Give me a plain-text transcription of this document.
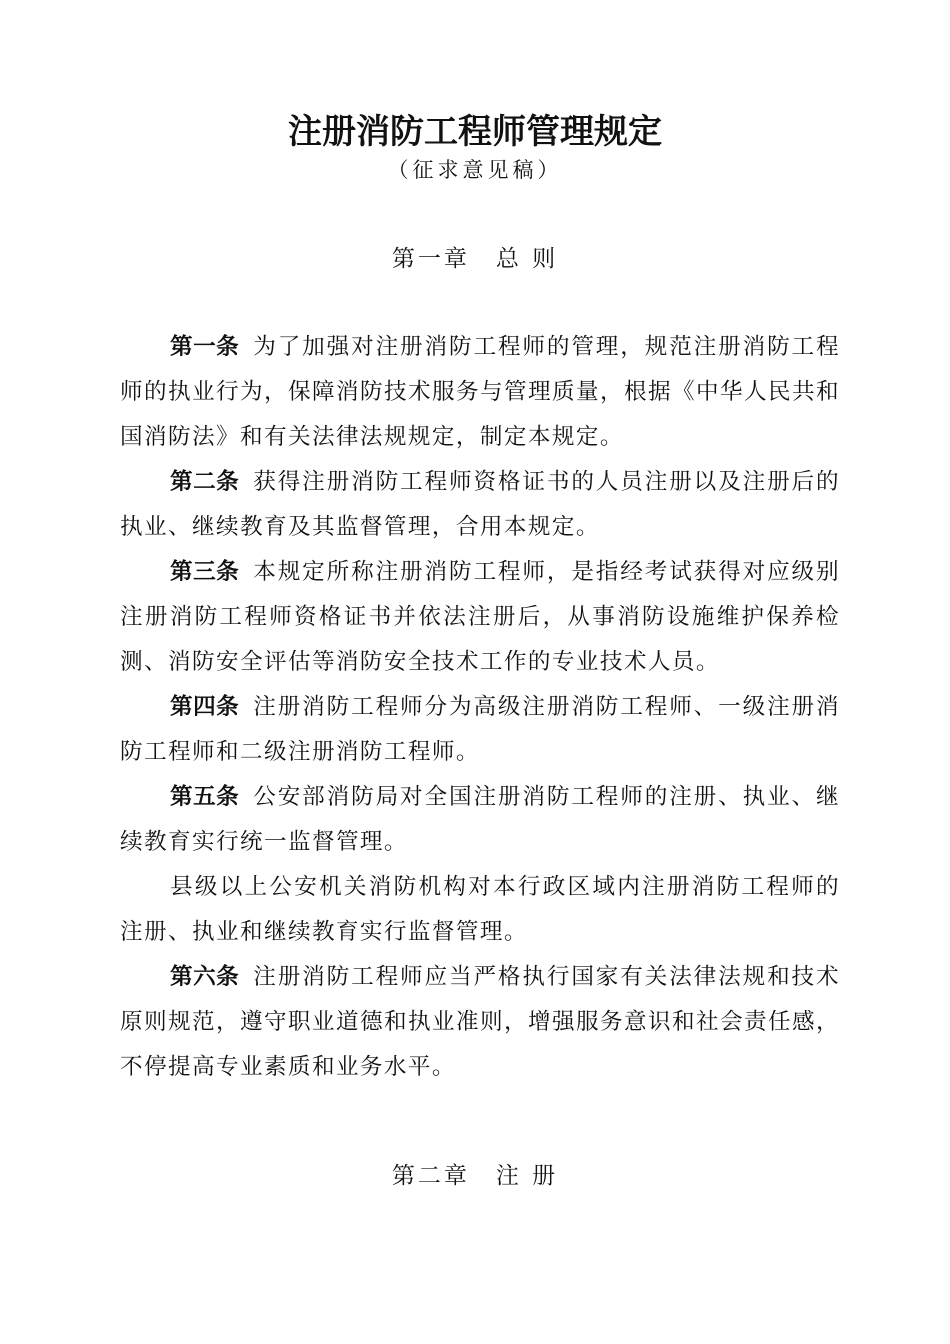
注册消防工程师管理规定
（征求意见稿）
第一章 总 则

第一条 为了加强对注册消防工程师的管理，规范注册消防工程师的执业行为，保障消防技术服务与管理质量，根据《中华人民共和国消防法》和有关法律法规规定，制定本规定。

第二条 获得注册消防工程师资格证书的人员注册以及注册后的执业、继续教育及其监督管理，合用本规定。

第三条 本规定所称注册消防工程师，是指经考试获得对应级别注册消防工程师资格证书并依法注册后，从事消防设施维护保养检测、消防安全评估等消防安全技术工作的专业技术人员。

第四条 注册消防工程师分为高级注册消防工程师、一级注册消防工程师和二级注册消防工程师。

第五条 公安部消防局对全国注册消防工程师的注册、执业、继续教育实行统一监督管理。

县级以上公安机关消防机构对本行政区域内注册消防工程师的注册、执业和继续教育实行监督管理。

第六条 注册消防工程师应当严格执行国家有关法律法规和技术原则规范，遵守职业道德和执业准则，增强服务意识和社会责任感，不停提高专业素质和业务水平。

第二章 注 册
